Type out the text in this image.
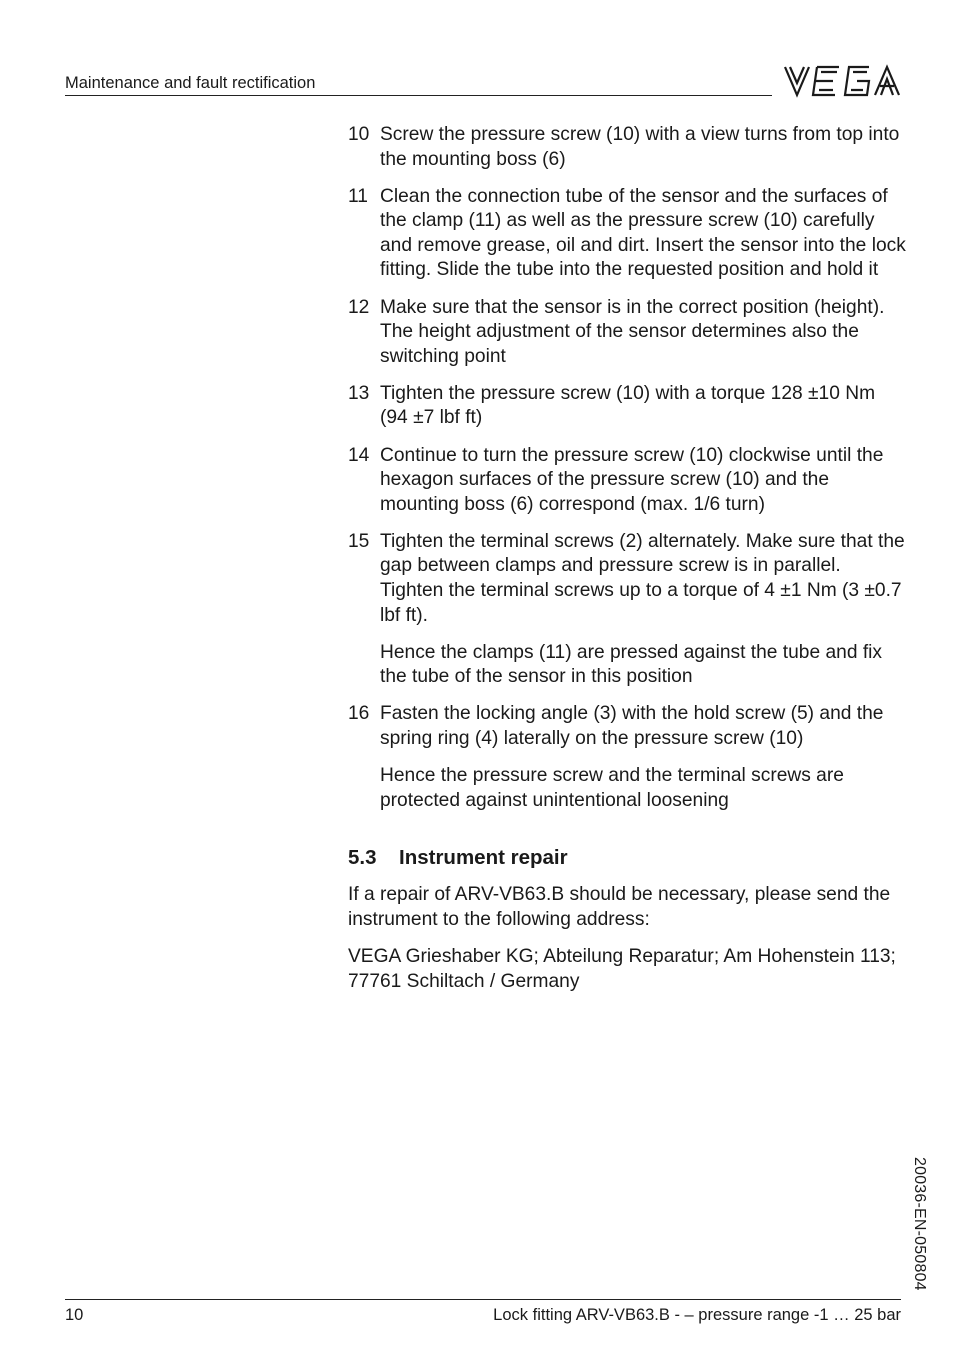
Maintenance and fault rectification
10 Screw the pressure screw (10) with a view turns from top into the mounting boss (6)

11 Clean the connection tube of the sensor and the surfaces of the clamp (11) as well as the pressure screw (10) carefully and remove grease, oil and dirt. Insert the sensor into the lock fitting. Slide the tube into the requested position and hold it

12 Make sure that the sensor is in the correct position (height). The height adjustment of the sensor determines also the switching point

13 Tighten the pressure screw (10) with a torque 128 ±10 Nm (94 ±7 lbf ft)

14 Continue to turn the pressure screw (10) clockwise until the hexagon surfaces of the pressure screw (10) and the mounting boss (6) correspond (max. 1/6 turn)

15 Tighten the terminal screws (2) alternately. Make sure that the gap between clamps and pressure screw is in parallel. Tighten the terminal screws up to a torque of 4 ±1 Nm (3 ±0.7 lbf ft).

Hence the clamps (11) are pressed against the tube and fix the tube of the sensor in this position

16 Fasten the locking angle (3) with the hold screw (5) and the spring ring (4) laterally on the pressure screw (10)

Hence the pressure screw and the terminal screws are protected against unintentional loosening

5.3	Instrument repair

If a repair of ARV-VB63.B should be necessary, please send the instrument to the following address:

VEGA Grieshaber KG; Abteilung Reparatur; Am Hohenstein 113; 77761 Schiltach / Germany

20036-EN-050804
10	Lock fitting ARV-VB63.B - – pressure range -1 … 25 bar
